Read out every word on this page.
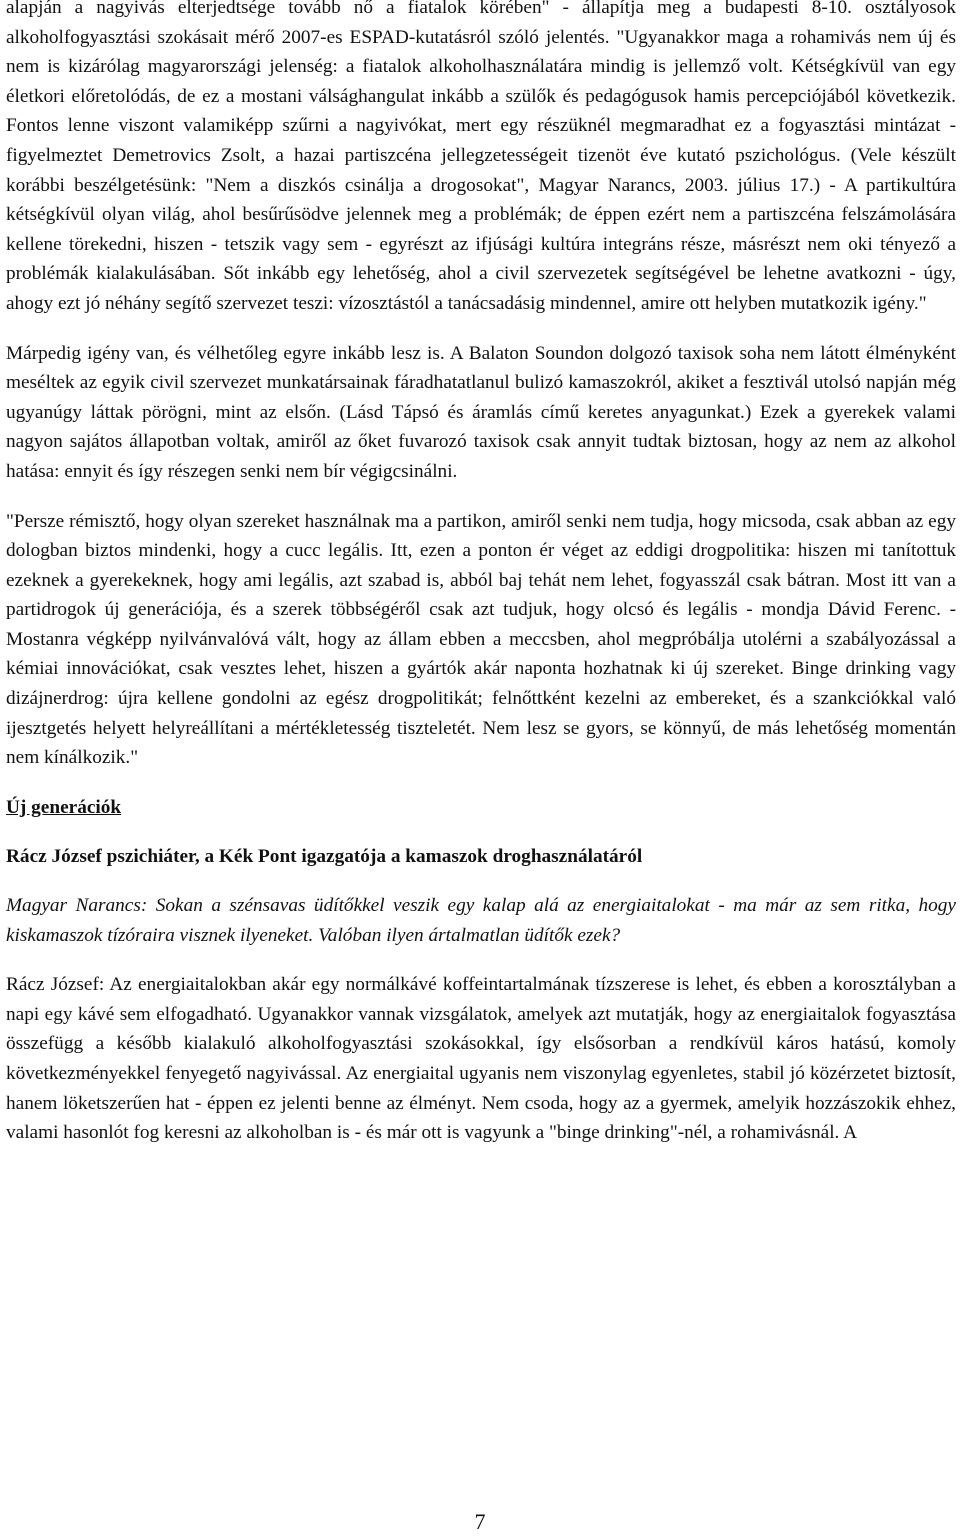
alapján a nagyivás elterjedtsége tovább nő a fiatalok körében" - állapítja meg a budapesti 8-10. osztályosok alkoholfogyasztási szokásait mérő 2007-es ESPAD-kutatásról szóló jelentés. "Ugyanakkor maga a rohamivás nem új és nem is kizárólag magyarországi jelenség: a fiatalok alkoholhasználatára mindig is jellemző volt. Kétségkívül van egy életkori előretolódás, de ez a mostani válsághangulat inkább a szülők és pedagógusok hamis percepciójából következik. Fontos lenne viszont valamiképp szűrni a nagyivókat, mert egy részüknél megmaradhat ez a fogyasztási mintázat - figyelmeztet Demetrovics Zsolt, a hazai partiszcéna jellegzetességeit tizenöt éve kutató pszichológus. (Vele készült korábbi beszélgetésünk: "Nem a diszkós csinálja a drogosokat", Magyar Narancs, 2003. július 17.) - A partikultúra kétségkívül olyan világ, ahol besűrűsödve jelennek meg a problémák; de éppen ezért nem a partiszcéna felszámolására kellene törekedni, hiszen - tetszik vagy sem - egyrészt az ifjúsági kultúra integráns része, másrészt nem oki tényező a problémák kialakulásában. Sőt inkább egy lehetőség, ahol a civil szervezetek segítségével be lehetne avatkozni - úgy, ahogy ezt jó néhány segítő szervezet teszi: vízosztástól a tanácsadásig mindennel, amire ott helyben mutatkozik igény."

Márpedig igény van, és vélhetőleg egyre inkább lesz is. A Balaton Soundon dolgozó taxisok soha nem látott élményként meséltek az egyik civil szervezet munkatársainak fáradhatatlanul bulizó kamaszokról, akiket a fesztivál utolsó napján még ugyanúgy láttak pörögni, mint az elsőn. (Lásd Tápsó és áramlás című keretes anyagunkat.) Ezek a gyerekek valami nagyon sajátos állapotban voltak, amiről az őket fuvarozó taxisok csak annyit tudtak biztosan, hogy az nem az alkohol hatása: ennyit és így részegen senki nem bír végigcsinálni.

"Persze rémisztő, hogy olyan szereket használnak ma a partikon, amiről senki nem tudja, hogy micsoda, csak abban az egy dologban biztos mindenki, hogy a cucc legális. Itt, ezen a ponton ér véget az eddigi drogpolitika: hiszen mi tanítottuk ezeknek a gyerekeknek, hogy ami legális, azt szabad is, abból baj tehát nem lehet, fogyasszál csak bátran. Most itt van a partidrogok új generációja, és a szerek többségéről csak azt tudjuk, hogy olcsó és legális - mondja Dávid Ferenc. - Mostanra végképp nyilvánvalóvá vált, hogy az állam ebben a meccsben, ahol megpróbálja utolérni a szabályozással a kémiai innovációkat, csak vesztes lehet, hiszen a gyártók akár naponta hozhatnak ki új szereket. Binge drinking vagy dizájnerdrog: újra kellene gondolni az egész drogpolitikát; felnőttként kezelni az embereket, és a szankciókkal való ijesztgetés helyett helyreállítani a mértékletesség tiszteletét. Nem lesz se gyors, se könnyű, de más lehetőség momentán nem kínálkozik."

Új generációk

Rácz József pszichiáter, a Kék Pont igazgatója a kamaszok droghasználatáról

Magyar Narancs: Sokan a szénsavas üdítőkkel veszik egy kalap alá az energiaitalokat - ma már az sem ritka, hogy kiskamaszok tízóraira visznek ilyeneket. Valóban ilyen ártalmatlan üdítők ezek?

Rácz József: Az energiaitalokban akár egy normálkávé koffeintartalmának tízszerese is lehet, és ebben a korosztályban a napi egy kávé sem elfogadható. Ugyanakkor vannak vizsgálatok, amelyek azt mutatják, hogy az energiaitalok fogyasztása összefügg a később kialakuló alkoholfogyasztási szokásokkal, így elsősorban a rendkívül káros hatású, komoly következményekkel fenyegető nagyivással. Az energiaital ugyanis nem viszonylag egyenletes, stabil jó közérzetet biztosít, hanem löketszerűen hat - éppen ez jelenti benne az élményt. Nem csoda, hogy az a gyermek, amelyik hozzászokik ehhez, valami hasonlót fog keresni az alkoholban is - és már ott is vagyunk a "binge drinking"-nél, a rohamivásnál. A

7
